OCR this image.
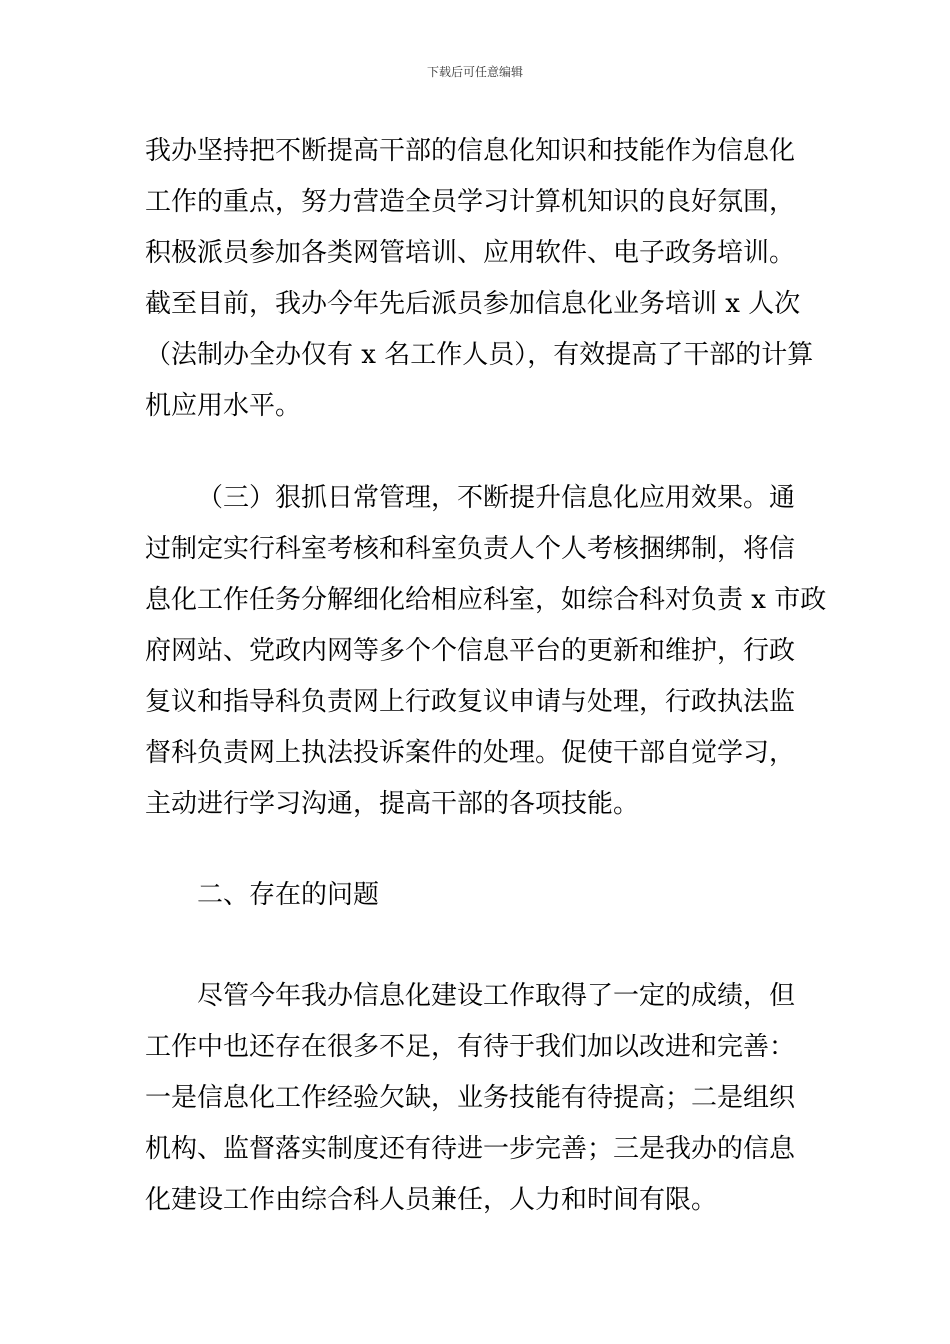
下载后可任意编辑
我办坚持把不断提高干部的信息化知识和技能作为信息化
工作的重点，努力营造全员学习计算机知识的良好氛围，
积极派员参加各类网管培训、应用软件、电子政务培训。
截至目前，我办今年先后派员参加信息化业务培训 x 人次
（法制办全办仅有 x 名工作人员），有效提高了干部的计算
机应用水平。
（三）狠抓日常管理，不断提升信息化应用效果。通
过制定实行科室考核和科室负责人个人考核捆绑制，将信
息化工作任务分解细化给相应科室，如综合科对负责 x 市政
府网站、党政内网等多个个信息平台的更新和维护，行政
复议和指导科负责网上行政复议申请与处理，行政执法监
督科负责网上执法投诉案件的处理。促使干部自觉学习，
主动进行学习沟通，提高干部的各项技能。
二、存在的问题
尽管今年我办信息化建设工作取得了一定的成绩，但
工作中也还存在很多不足，有待于我们加以改进和完善：
一是信息化工作经验欠缺，业务技能有待提高；二是组织
机构、监督落实制度还有待进一步完善；三是我办的信息
化建设工作由综合科人员兼任，人力和时间有限。
